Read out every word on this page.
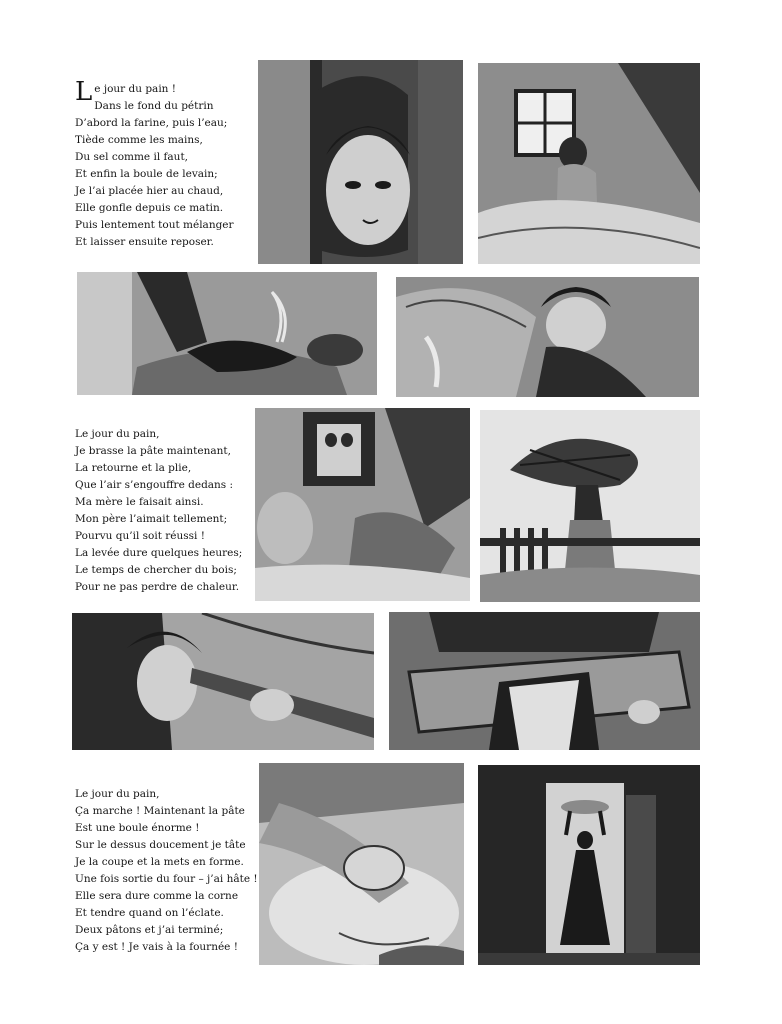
Le jour du pain !
Dans le fond du pétrin
D’abord la farine, puis l’eau;
Tiède comme les mains,
Du sel comme il faut,
Et enfin la boule de levain;
Je l’ai placée hier au chaud,
Elle gonfle depuis ce matin.
Puis lentement tout mélanger
Et laisser ensuite reposer.
Le jour du pain,
Je brasse la pâte maintenant,
La retourne et la plie,
Que l’air s’engouffre dedans :
Ma mère le faisait ainsi.
Mon père l’aimait tellement;
Pourvu qu’il soit réussi !
La levée dure quelques heures;
Le temps de chercher du bois;
Pour ne pas perdre de chaleur.
Le jour du pain,
Ça marche ! Maintenant la pâte
Est une boule énorme !
Sur le dessus doucement je tâte
Je la coupe et la mets en forme.
Une fois sortie du four – j’ai hâte !
Elle sera dure comme la corne
Et tendre quand on l’éclate.
Deux pâtons et j’ai terminé;
Ça y est ! Je vais à la fournée !
